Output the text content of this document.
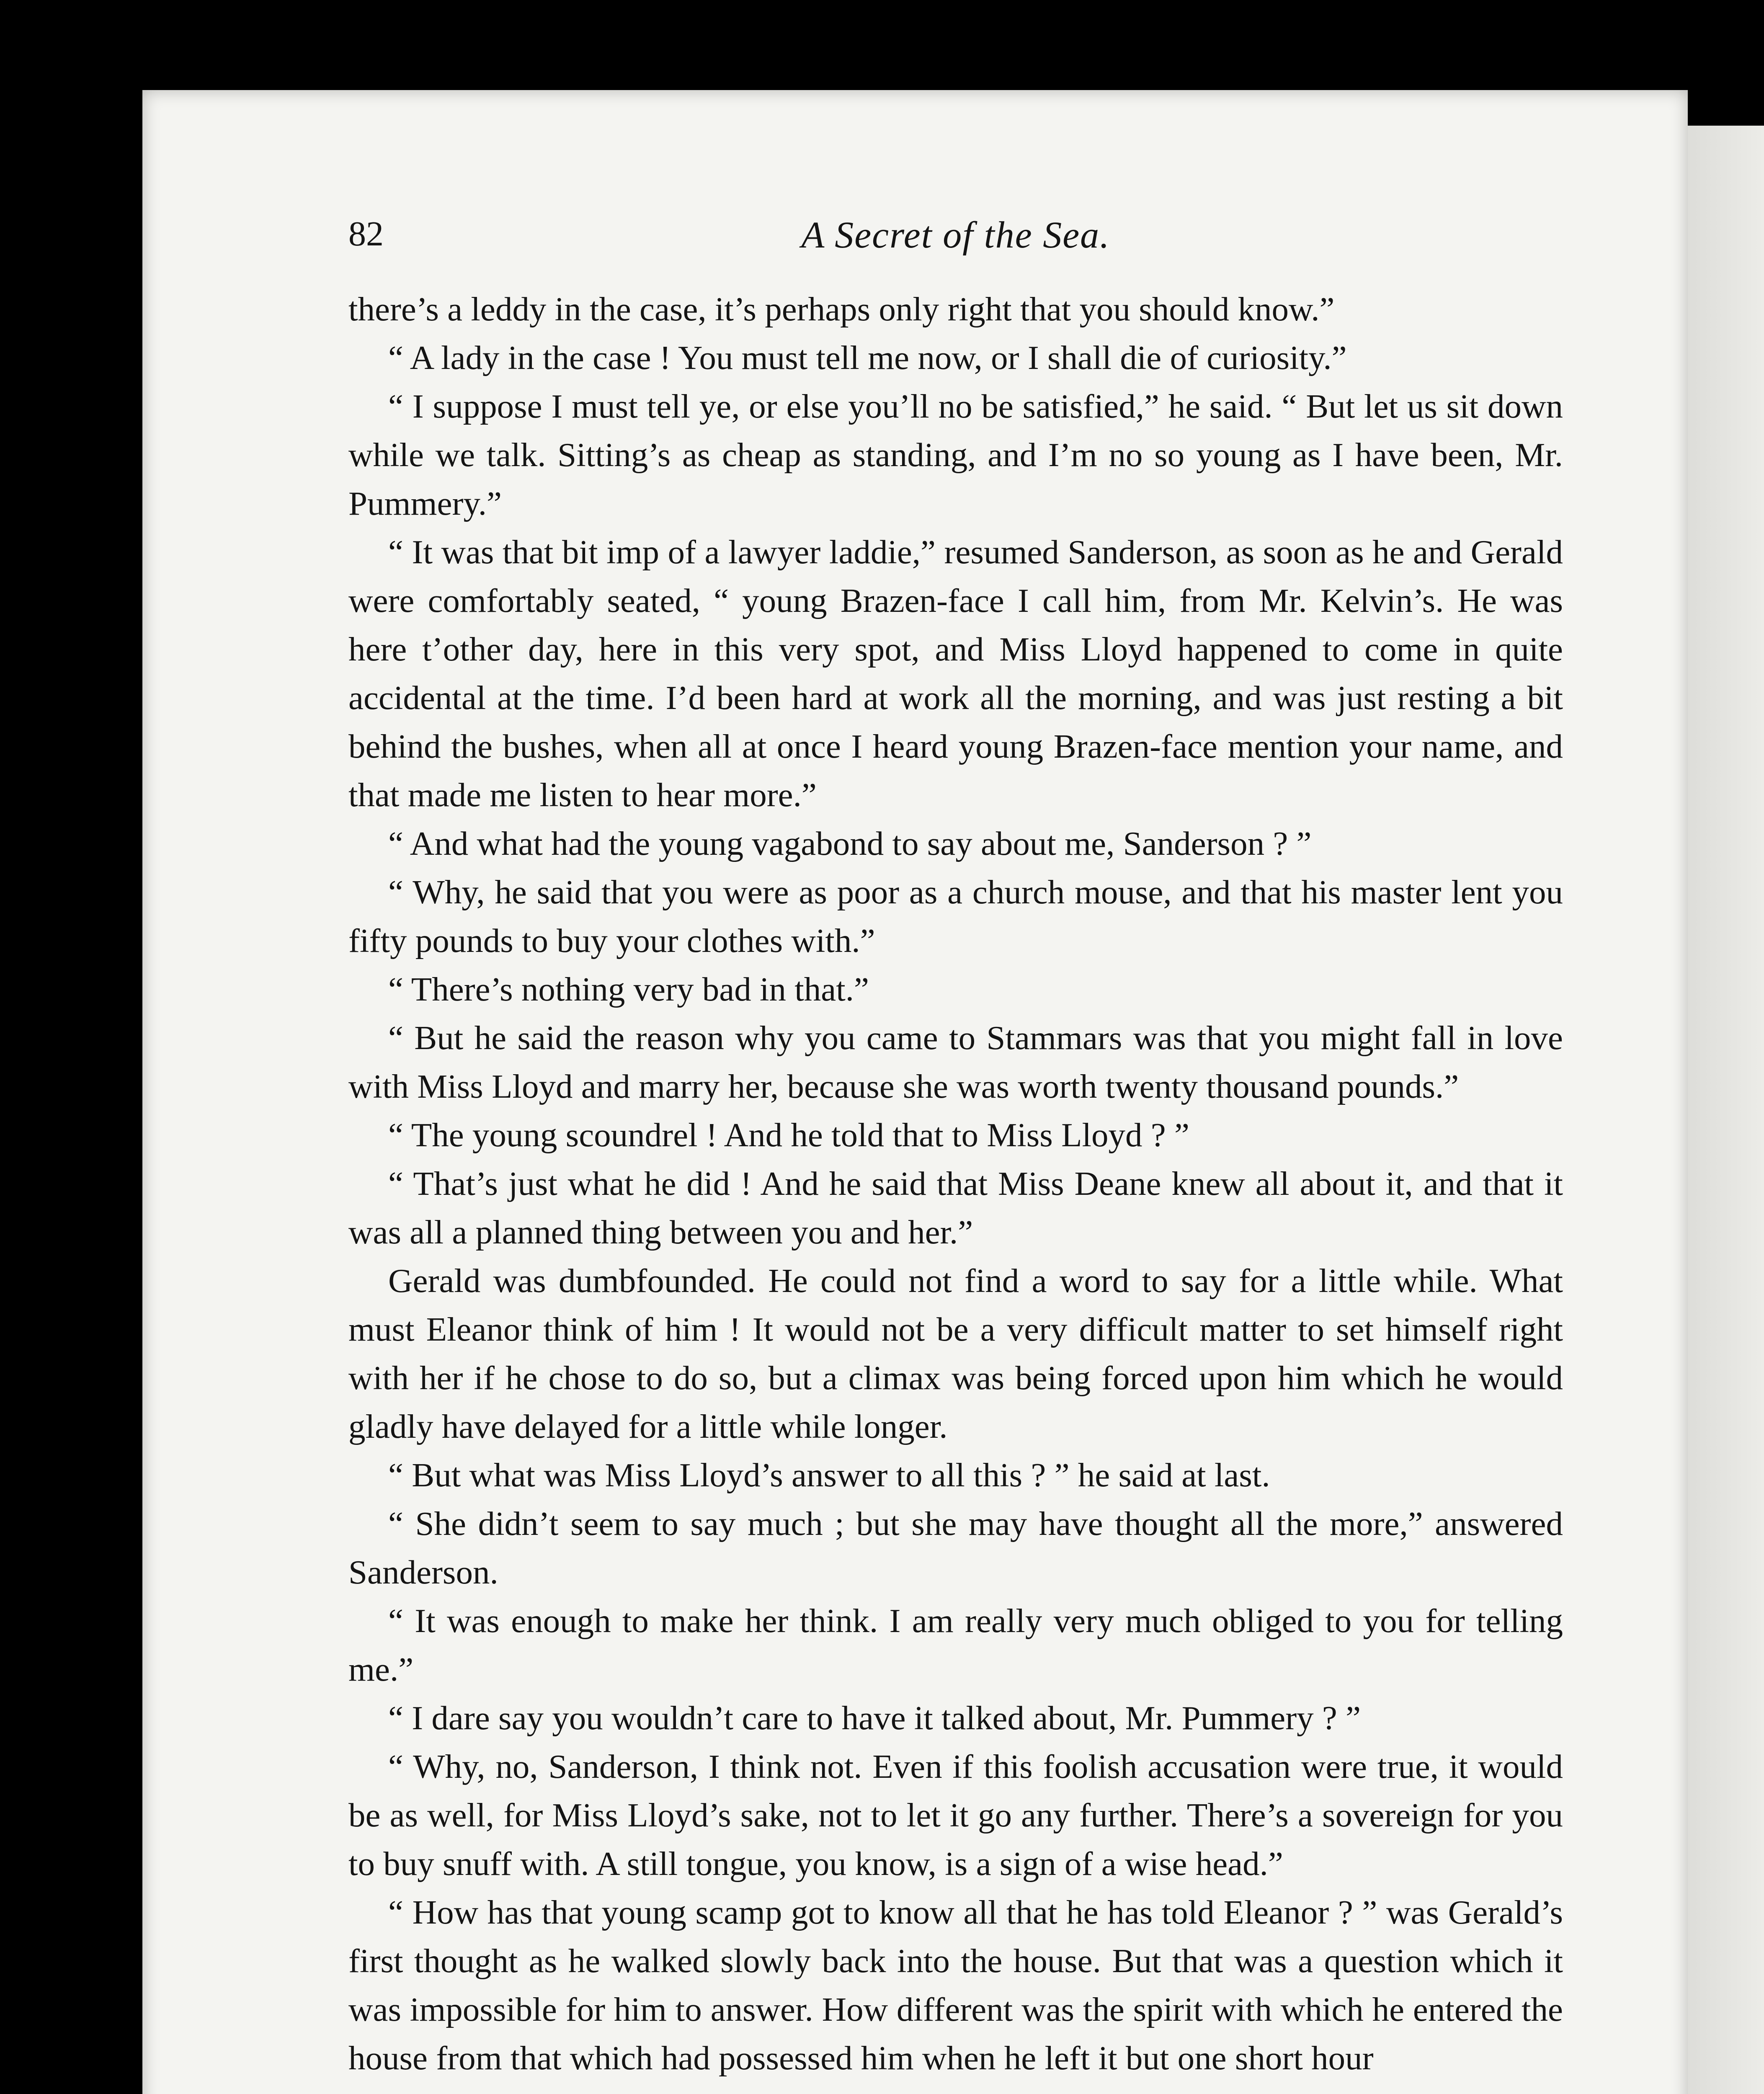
82	A Secret of the Sea.

there’s a leddy in the case, it’s perhaps only right that you should know.”

“ A lady in the case ! You must tell me now, or I shall die of curiosity.”

“ I suppose I must tell ye, or else you’ll no be satisfied,” he said. “ But let us sit down while we talk. Sitting’s as cheap as standing, and I’m no so young as I have been, Mr. Pummery.”

“ It was that bit imp of a lawyer laddie,” resumed Sanderson, as soon as he and Gerald were comfortably seated, “ young Brazen-face I call him, from Mr. Kelvin’s. He was here t’other day, here in this very spot, and Miss Lloyd happened to come in quite accidental at the time. I’d been hard at work all the morning, and was just resting a bit behind the bushes, when all at once I heard young Brazen-face mention your name, and that made me listen to hear more.”

“ And what had the young vagabond to say about me, Sanderson ? ”

“ Why, he said that you were as poor as a church mouse, and that his master lent you fifty pounds to buy your clothes with.”

“ There’s nothing very bad in that.”

“ But he said the reason why you came to Stammars was that you might fall in love with Miss Lloyd and marry her, because she was worth twenty thousand pounds.”

“ The young scoundrel ! And he told that to Miss Lloyd ? ”

“ That’s just what he did ! And he said that Miss Deane knew all about it, and that it was all a planned thing between you and her.”

Gerald was dumbfounded. He could not find a word to say for a little while. What must Eleanor think of him ! It would not be a very difficult matter to set himself right with her if he chose to do so, but a climax was being forced upon him which he would gladly have delayed for a little while longer.

“ But what was Miss Lloyd’s answer to all this ? ” he said at last.

“ She didn’t seem to say much ; but she may have thought all the more,” answered Sanderson.

“ It was enough to make her think. I am really very much obliged to you for telling me.”

“ I dare say you wouldn’t care to have it talked about, Mr. Pummery ? ”

“ Why, no, Sanderson, I think not. Even if this foolish accusation were true, it would be as well, for Miss Lloyd’s sake, not to let it go any further. There’s a sovereign for you to buy snuff with. A still tongue, you know, is a sign of a wise head.”

“ How has that young scamp got to know all that he has told Eleanor ? ” was Gerald’s first thought as he walked slowly back into the house. But that was a question which it was impossible for him to answer. How different was the spirit with which he entered the house from that which had possessed him when he left it but one short hour
